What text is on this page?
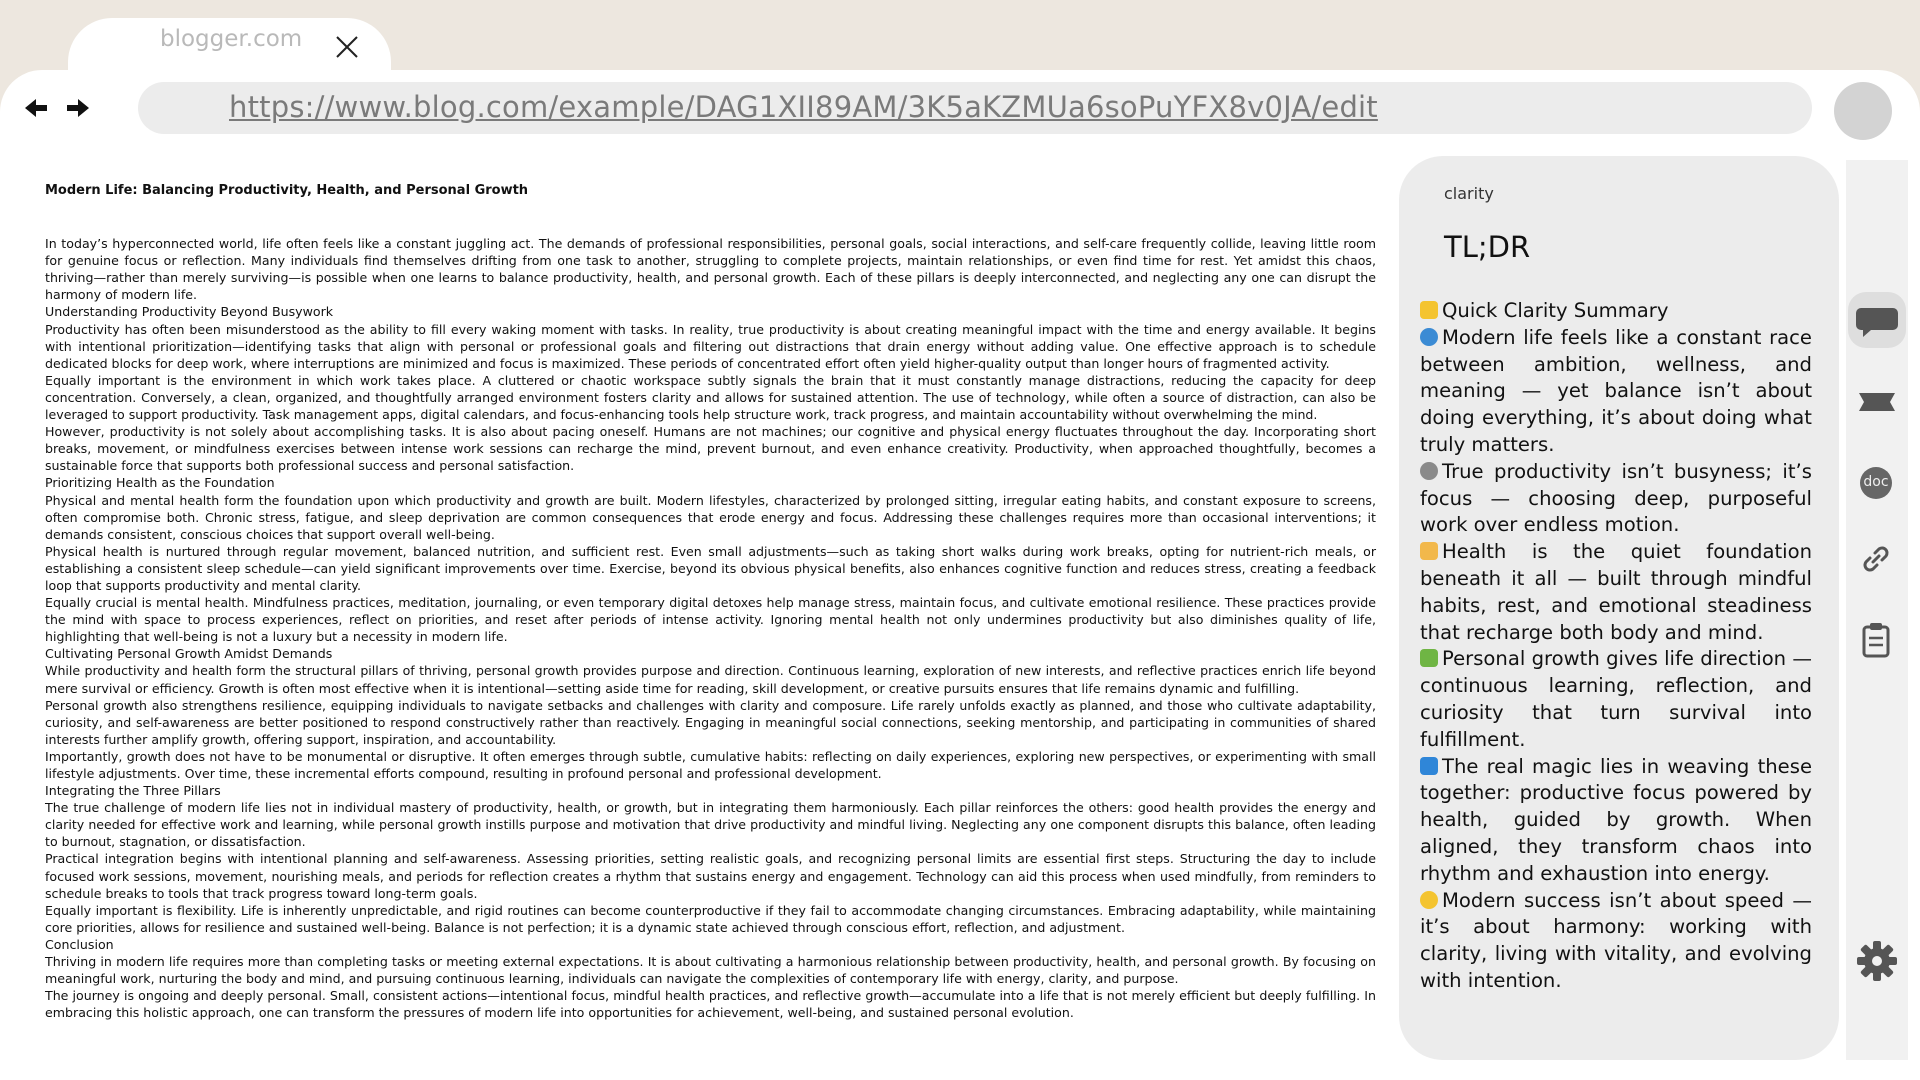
blogger.com
https://www.blog.com/example/DAG1XII89AM/3K5aKZMUa6soPuYFX8v0JA/edit
Modern Life: Balancing Productivity, Health, and Personal Growth

In today’s hyperconnected world, life often feels like a constant juggling act. The demands of professional responsibilities, personal goals, social interactions, and self-care frequently collide, leaving little room for genuine focus or reflection. Many individuals find themselves drifting from one task to another, struggling to complete projects, maintain relationships, or even find time for rest. Yet amidst this chaos, thriving—rather than merely surviving—is possible when one learns to balance productivity, health, and personal growth. Each of these pillars is deeply interconnected, and neglecting any one can disrupt the harmony of modern life.

Understanding Productivity Beyond Busywork

Productivity has often been misunderstood as the ability to fill every waking moment with tasks. In reality, true productivity is about creating meaningful impact with the time and energy available. It begins with intentional prioritization—identifying tasks that align with personal or professional goals and filtering out distractions that drain energy without adding value. One effective approach is to schedule dedicated blocks for deep work, where interruptions are minimized and focus is maximized. These periods of concentrated effort often yield higher-quality output than longer hours of fragmented activity.

Equally important is the environment in which work takes place. A cluttered or chaotic workspace subtly signals the brain that it must constantly manage distractions, reducing the capacity for deep concentration. Conversely, a clean, organized, and thoughtfully arranged environment fosters clarity and allows for sustained attention. The use of technology, while often a source of distraction, can also be leveraged to support productivity. Task management apps, digital calendars, and focus-enhancing tools help structure work, track progress, and maintain accountability without overwhelming the mind.

However, productivity is not solely about accomplishing tasks. It is also about pacing oneself. Humans are not machines; our cognitive and physical energy fluctuates throughout the day. Incorporating short breaks, movement, or mindfulness exercises between intense work sessions can recharge the mind, prevent burnout, and even enhance creativity. Productivity, when approached thoughtfully, becomes a sustainable force that supports both professional success and personal satisfaction.

Prioritizing Health as the Foundation

Physical and mental health form the foundation upon which productivity and growth are built. Modern lifestyles, characterized by prolonged sitting, irregular eating habits, and constant exposure to screens, often compromise both. Chronic stress, fatigue, and sleep deprivation are common consequences that erode energy and focus. Addressing these challenges requires more than occasional interventions; it demands consistent, conscious choices that support overall well-being.

Physical health is nurtured through regular movement, balanced nutrition, and sufficient rest. Even small adjustments—such as taking short walks during work breaks, opting for nutrient-rich meals, or establishing a consistent sleep schedule—can yield significant improvements over time. Exercise, beyond its obvious physical benefits, also enhances cognitive function and reduces stress, creating a feedback loop that supports productivity and mental clarity.

Equally crucial is mental health. Mindfulness practices, meditation, journaling, or even temporary digital detoxes help manage stress, maintain focus, and cultivate emotional resilience. These practices provide the mind with space to process experiences, reflect on priorities, and reset after periods of intense activity. Ignoring mental health not only undermines productivity but also diminishes quality of life, highlighting that well-being is not a luxury but a necessity in modern life.

Cultivating Personal Growth Amidst Demands

While productivity and health form the structural pillars of thriving, personal growth provides purpose and direction. Continuous learning, exploration of new interests, and reflective practices enrich life beyond mere survival or efficiency. Growth is often most effective when it is intentional—setting aside time for reading, skill development, or creative pursuits ensures that life remains dynamic and fulfilling.

Personal growth also strengthens resilience, equipping individuals to navigate setbacks and challenges with clarity and composure. Life rarely unfolds exactly as planned, and those who cultivate adaptability, curiosity, and self-awareness are better positioned to respond constructively rather than reactively. Engaging in meaningful social connections, seeking mentorship, and participating in communities of shared interests further amplify growth, offering support, inspiration, and accountability.

Importantly, growth does not have to be monumental or disruptive. It often emerges through subtle, cumulative habits: reflecting on daily experiences, exploring new perspectives, or experimenting with small lifestyle adjustments. Over time, these incremental efforts compound, resulting in profound personal and professional development.

Integrating the Three Pillars

The true challenge of modern life lies not in individual mastery of productivity, health, or growth, but in integrating them harmoniously. Each pillar reinforces the others: good health provides the energy and clarity needed for effective work and learning, while personal growth instills purpose and motivation that drive productivity and mindful living. Neglecting any one component disrupts this balance, often leading to burnout, stagnation, or dissatisfaction.

Practical integration begins with intentional planning and self-awareness. Assessing priorities, setting realistic goals, and recognizing personal limits are essential first steps. Structuring the day to include focused work sessions, movement, nourishing meals, and periods for reflection creates a rhythm that sustains energy and engagement. Technology can aid this process when used mindfully, from reminders to schedule breaks to tools that track progress toward long-term goals.

Equally important is flexibility. Life is inherently unpredictable, and rigid routines can become counterproductive if they fail to accommodate changing circumstances. Embracing adaptability, while maintaining core priorities, allows for resilience and sustained well-being. Balance is not perfection; it is a dynamic state achieved through conscious effort, reflection, and adjustment.

Conclusion

Thriving in modern life requires more than completing tasks or meeting external expectations. It is about cultivating a harmonious relationship between productivity, health, and personal growth. By focusing on meaningful work, nurturing the body and mind, and pursuing continuous learning, individuals can navigate the complexities of contemporary life with energy, clarity, and purpose.

The journey is ongoing and deeply personal. Small, consistent actions—intentional focus, mindful health practices, and reflective growth—accumulate into a life that is not merely efficient but deeply fulfilling. In embracing this holistic approach, one can transform the pressures of modern life into opportunities for achievement, well-being, and sustained personal evolution.

clarity
TL;DR

Quick Clarity Summary

Modern life feels like a constant race between ambition, wellness, and meaning — yet balance isn’t about doing everything, it’s about doing what truly matters.

True productivity isn’t busyness; it’s focus — choosing deep, purposeful work over endless motion.

Health is the quiet foundation beneath it all — built through mindful habits, rest, and emotional steadiness that recharge both body and mind.

Personal growth gives life direction — continuous learning, reflection, and curiosity that turn survival into fulfillment.

The real magic lies in weaving these together: productive focus powered by health, guided by growth. When aligned, they transform chaos into rhythm and exhaustion into energy.

Modern success isn’t about speed — it’s about harmony: working with clarity, living with vitality, and evolving with intention.

doc
